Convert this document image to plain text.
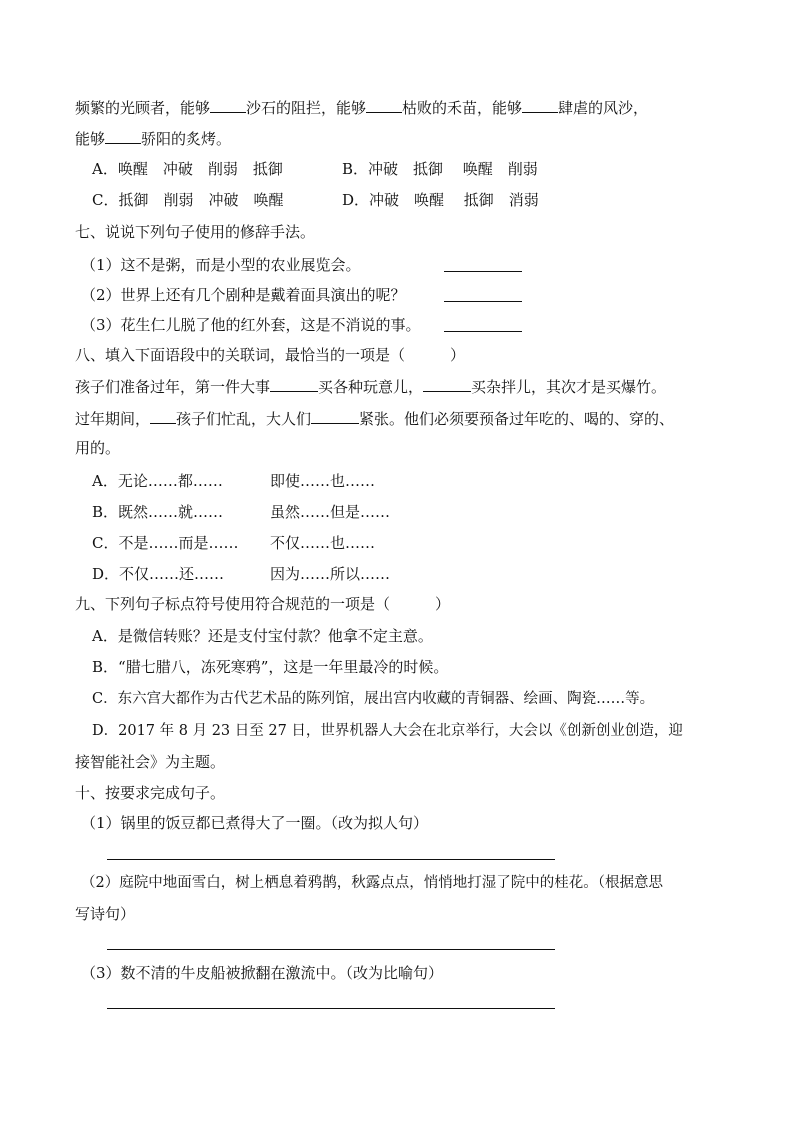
频繁的光顾者，能够 沙石的阻拦，能够 枯败的禾苗，能够 肆虐的风沙，
能够 骄阳的炙烤。
A．唤醒　冲破　削弱　抵御	B．冲破　抵御　 唤醒　削弱
C．抵御　削弱　冲破　唤醒	D．冲破　唤醒　 抵御　消弱
七、说说下列句子使用的修辞手法。
（1）这不是粥，而是小型的农业展览会。
（2）世界上还有几个剧种是戴着面具演出的呢？
（3）花生仁儿脱了他的红外套，这是不消说的事。
八、填入下面语段中的关联词，最恰当的一项是（　　　）
孩子们准备过年，第一件大事	买各种玩意儿，	买杂拌儿，其次才是买爆竹。
过年期间， 孩子们忙乱，大人们	紧张。他们必须要预备过年吃的、喝的、穿的、
用的。
A．无论……都……	即使……也……
B．既然……就……	虽然……但是……
C．不是……而是…… 不仅……也……
D．不仅……还……	因为……所以……
九、下列句子标点符号使用符合规范的一项是（　　　）
A．是微信转账？还是支付宝付款？他拿不定主意。
B．“腊七腊八，冻死寒鸦”，这是一年里最冷的时候。
C．东六宫大都作为古代艺术品的陈列馆，展出宫内收藏的青铜器、绘画、陶瓷……等。
D．2017 年 8 月 23 日至 27 日，世界机器人大会在北京举行，大会以《创新创业创造，迎
接智能社会》为主题。
十、按要求完成句子。
（1）锅里的饭豆都已煮得大了一圈。（改为拟人句）
（2）庭院中地面雪白，树上栖息着鸦鹊，秋露点点，悄悄地打湿了院中的桂花。（根据意思
写诗句）
（3）数不清的牛皮船被掀翻在激流中。（改为比喻句）
